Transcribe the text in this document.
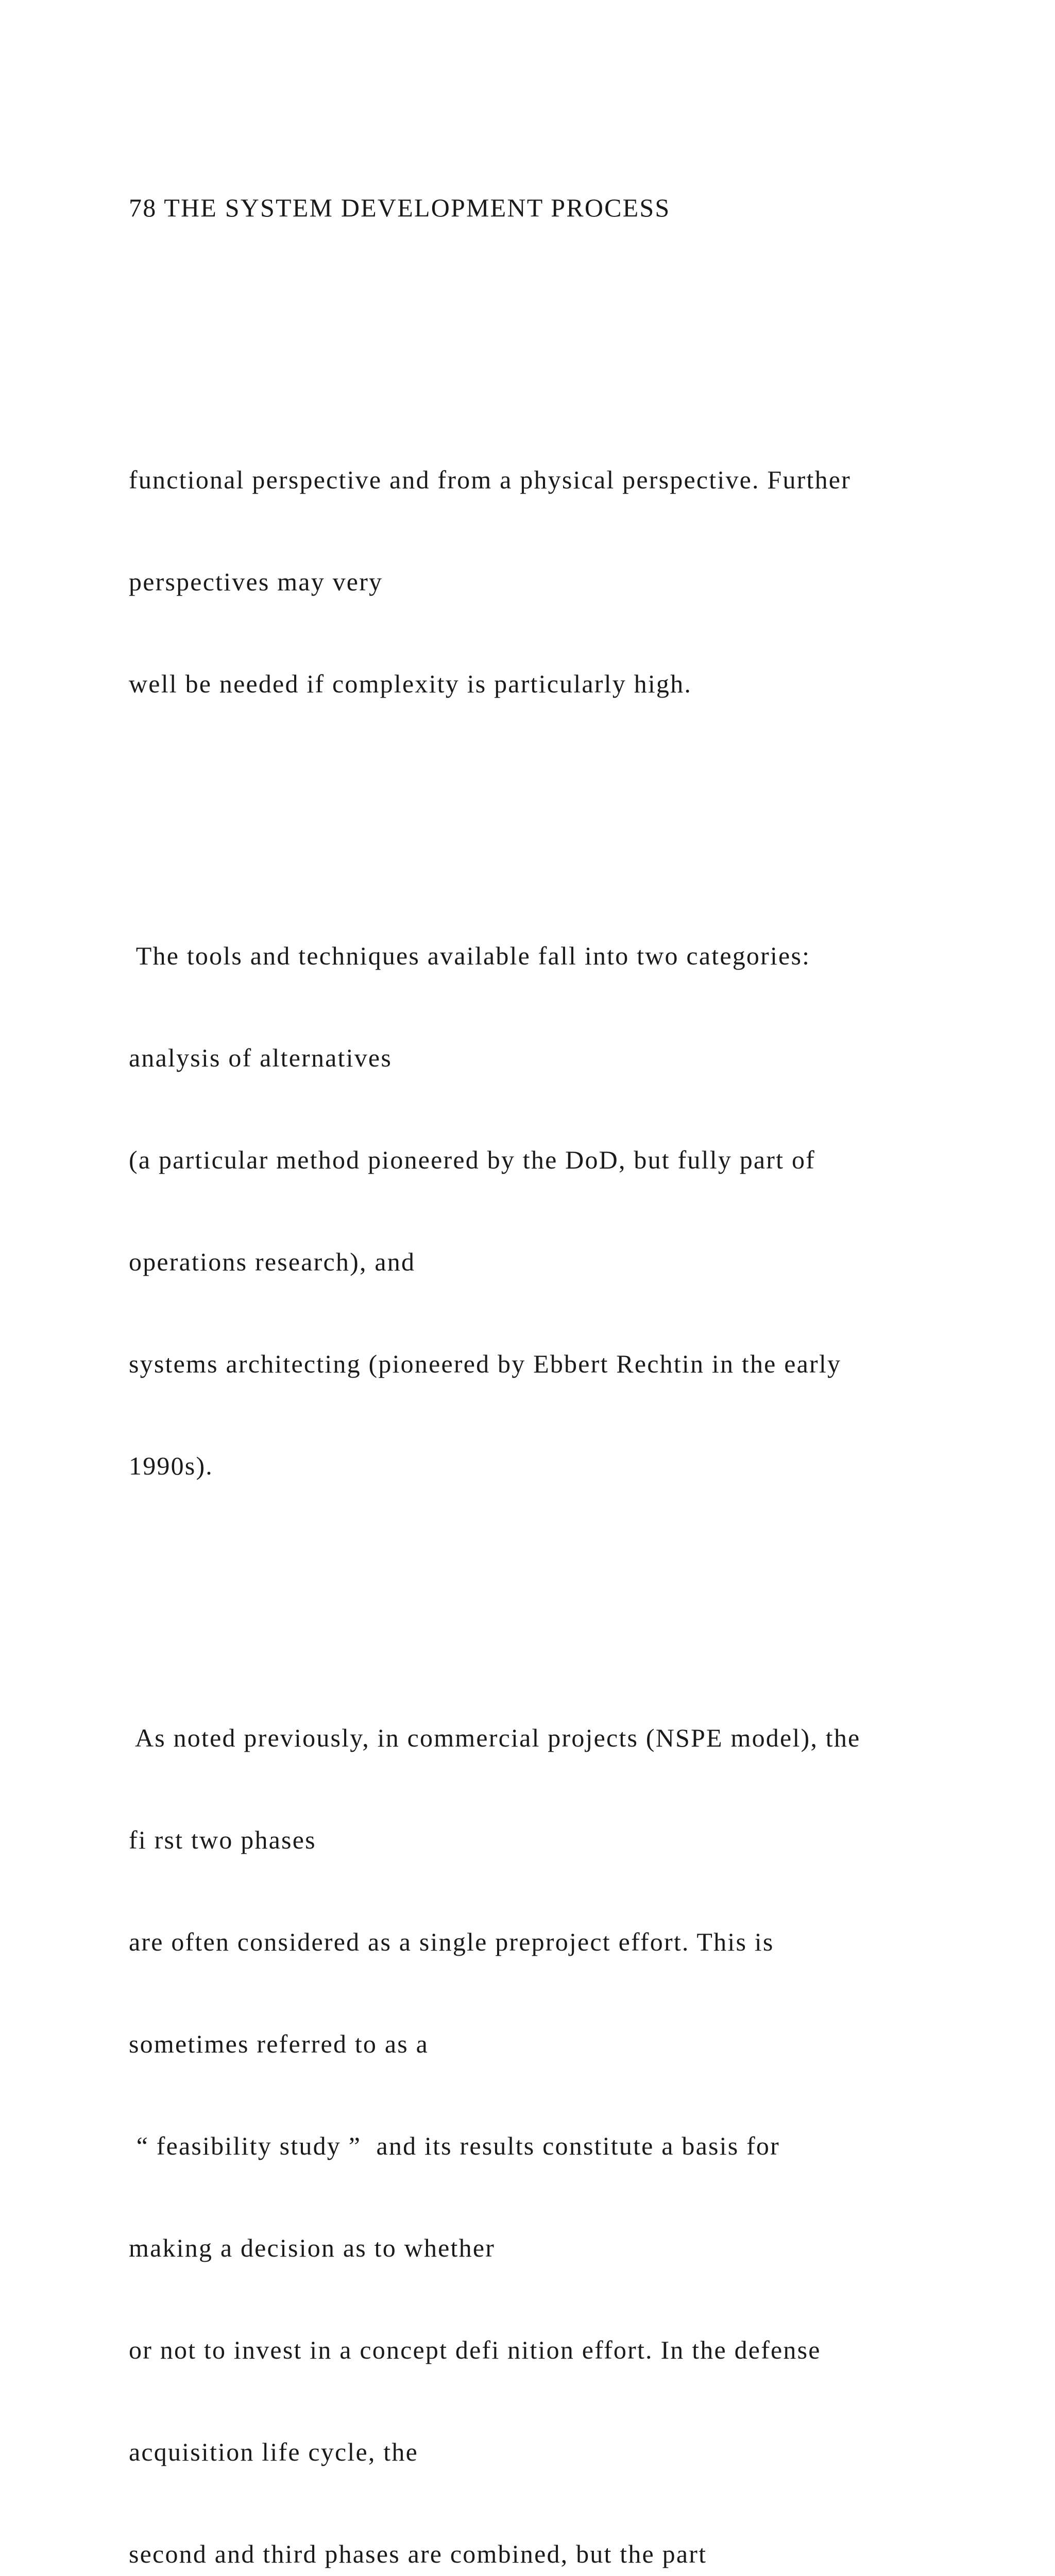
78 THE SYSTEM DEVELOPMENT PROCESS

functional perspective and from a physical perspective. Further

perspectives may very

well be needed if complexity is particularly high.

The tools and techniques available fall into two categories:

analysis of alternatives

(a particular method pioneered by the DoD, but fully part of

operations research), and

systems architecting (pioneered by Ebbert Rechtin in the early

1990s).

As noted previously, in commercial projects (NSPE model), the

fi rst two phases

are often considered as a single preproject effort. This is

sometimes referred to as a

“ feasibility study ”  and its results constitute a basis for

making a decision as to whether

or not to invest in a concept defi nition effort. In the defense

acquisition life cycle, the

second and third phases are combined, but the part
